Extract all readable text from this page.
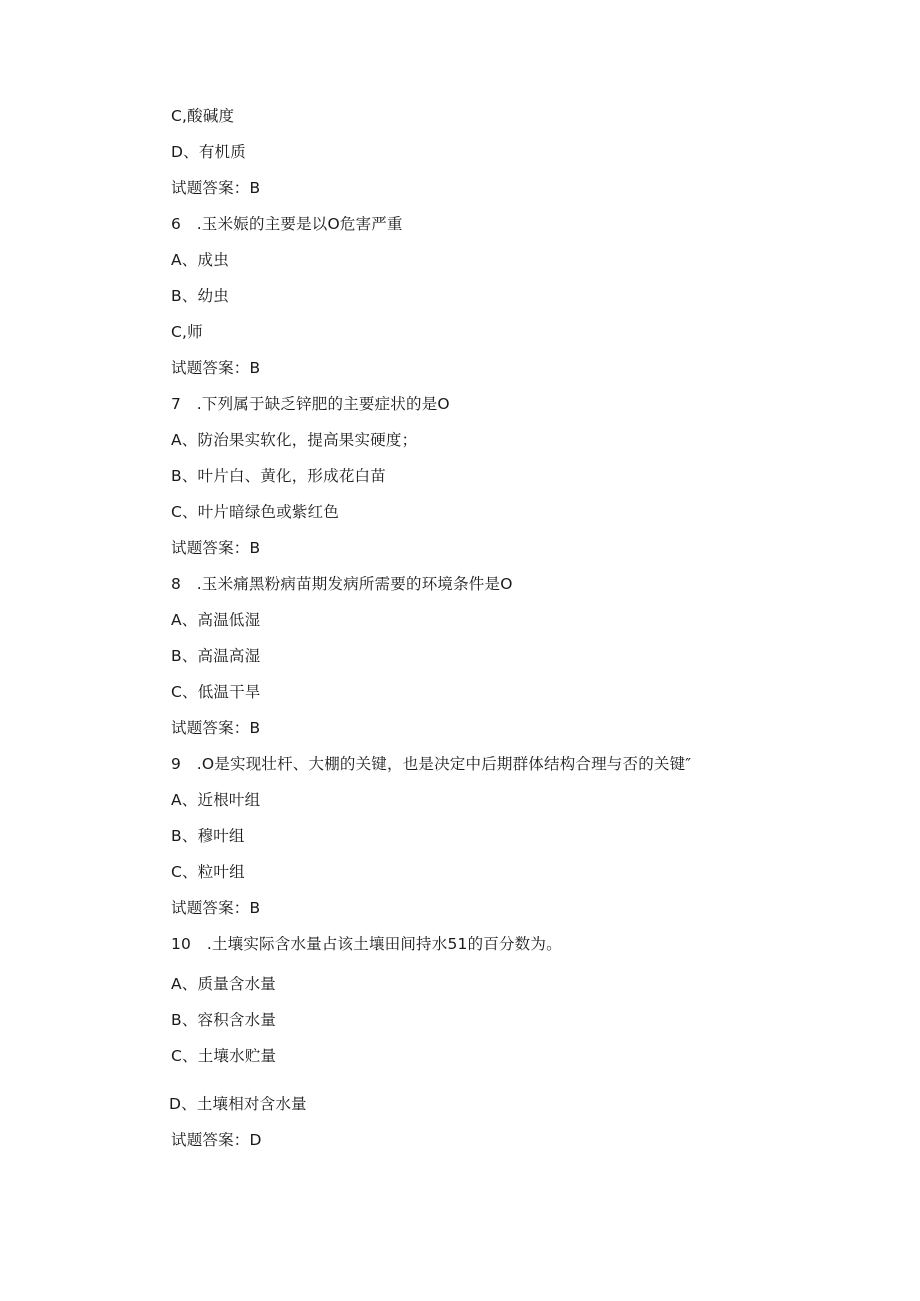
C,酸碱度
D、有机质
试题答案：B
6　.玉米娠的主要是以O危害严重
A、成虫
B、幼虫
C,师
试题答案：B
7　.下列属于缺乏锌肥的主要症状的是O
A、防治果实软化，提高果实硬度；
B、叶片白、黄化，形成花白苗
C、叶片暗绿色或紫红色
试题答案：B
8　.玉米痛黑粉病苗期发病所需要的环境条件是O
A、高温低湿
B、高温高湿
C、低温干旱
试题答案：B
9　.O是实现壮杆、大棚的关键，也是决定中后期群体结构合理与否的关键″
A、近根叶组
B、穆叶组
C、粒叶组
试题答案：B
10　.土壤实际含水量占该土壤田间持水51的百分数为。
A、质量含水量
B、容积含水量
C、土壤水贮量
D、土壤相对含水量
试题答案：D
